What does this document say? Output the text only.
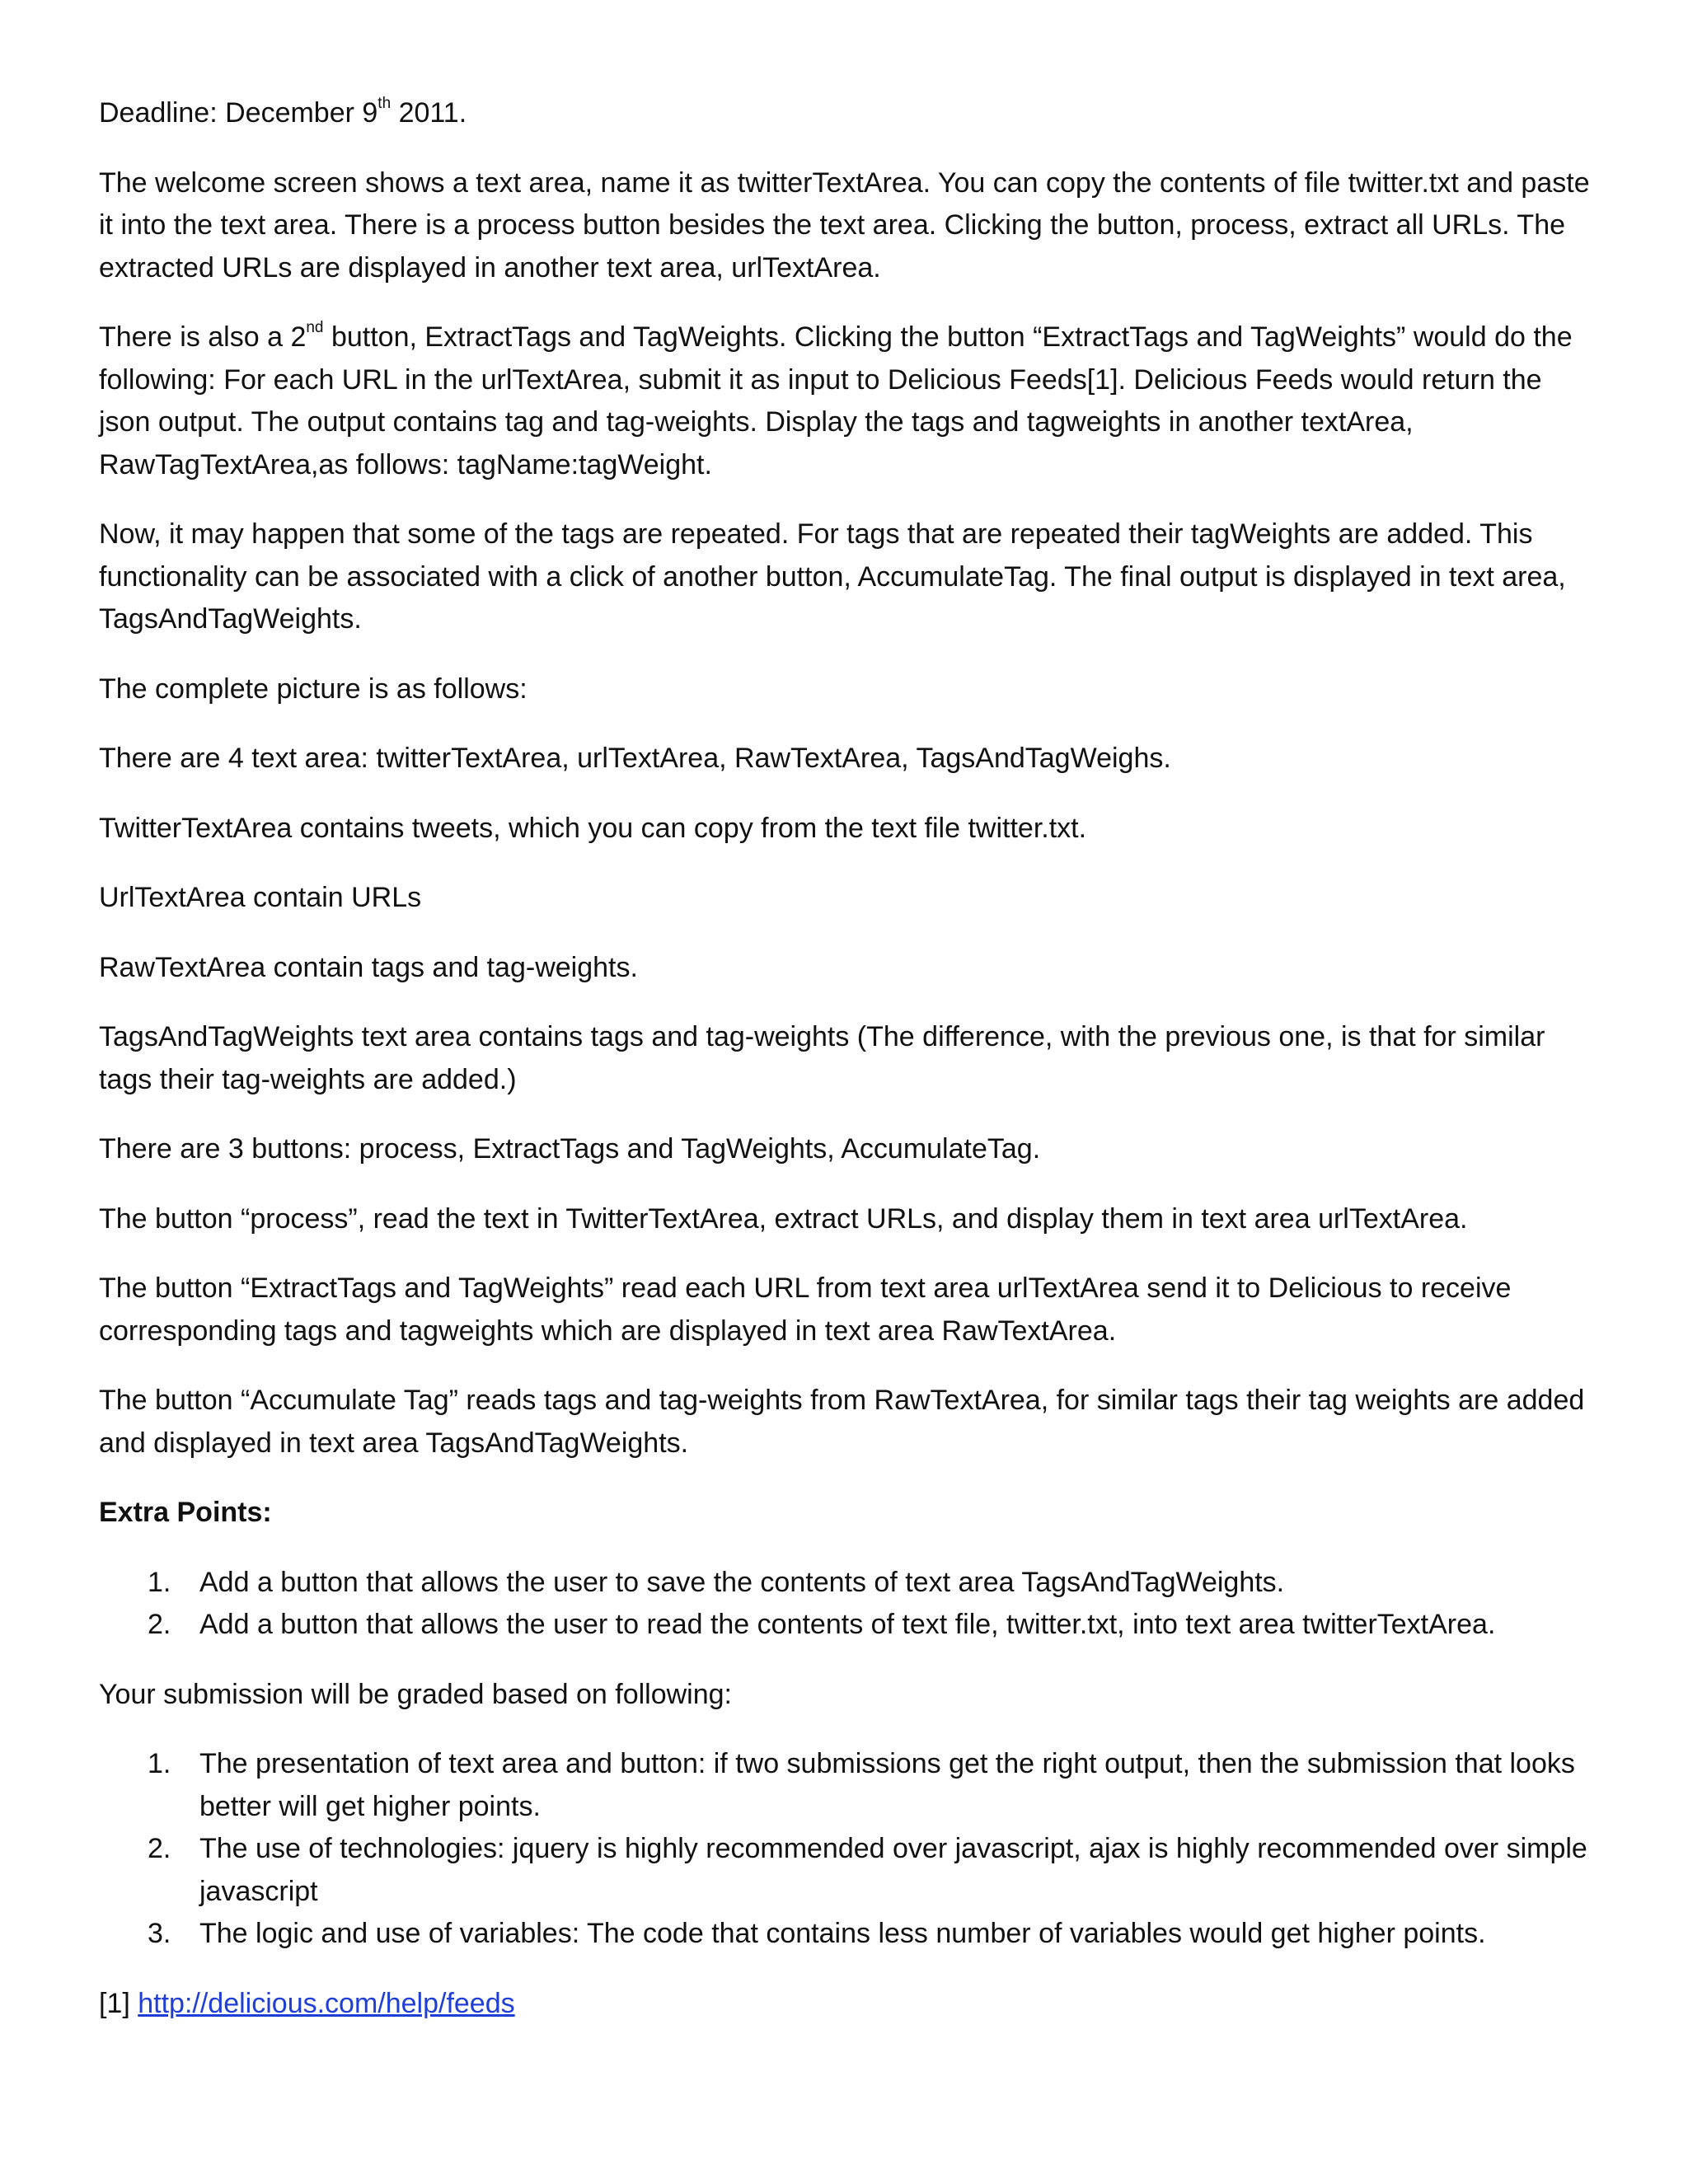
Deadline: December 9th 2011.

The welcome screen shows a text area, name it as twitterTextArea. You can copy the contents of file twitter.txt and paste it into the text area. There is a process button besides the text area. Clicking the button, process, extract all URLs. The extracted URLs are displayed in another text area, urlTextArea.

There is also a 2nd button, ExtractTags and TagWeights. Clicking the button “ExtractTags and TagWeights” would do the following: For each URL in the urlTextArea, submit it as input to Delicious Feeds[1]. Delicious Feeds would return the json output. The output contains tag and tag-weights. Display the tags and tagweights in another textArea, RawTagTextArea,as follows: tagName:tagWeight.

Now, it may happen that some of the tags are repeated. For tags that are repeated their tagWeights are added. This functionality can be associated with a click of another button, AccumulateTag. The final output is displayed in text area, TagsAndTagWeights.

The complete picture is as follows:

There are 4 text area: twitterTextArea, urlTextArea, RawTextArea, TagsAndTagWeighs.

TwitterTextArea contains tweets, which you can copy from the text file twitter.txt.

UrlTextArea contain URLs

RawTextArea contain tags and tag-weights.

TagsAndTagWeights text area contains tags and tag-weights (The difference, with the previous one, is that for similar tags their tag-weights are added.)

There are 3 buttons: process, ExtractTags and TagWeights, AccumulateTag.

The button “process”, read the text in TwitterTextArea, extract URLs, and display them in text area urlTextArea.

The button “ExtractTags and TagWeights” read each URL from text area urlTextArea send it to Delicious to receive corresponding tags and tagweights which are displayed in text area RawTextArea.

The button “Accumulate Tag” reads tags and tag-weights from RawTextArea, for similar tags their tag weights are added and displayed in text area TagsAndTagWeights.

Extra Points:

1. Add a button that allows the user to save the contents of text area TagsAndTagWeights.
2. Add a button that allows the user to read the contents of text file, twitter.txt, into text area twitterTextArea.

Your submission will be graded based on following:

1. The presentation of text area and button: if two submissions get the right output, then the submission that looks better will get higher points.
2. The use of technologies: jquery is highly recommended over javascript, ajax is highly recommended over simple javascript
3. The logic and use of variables: The code that contains less number of variables would get higher points.

[1] http://delicious.com/help/feeds
